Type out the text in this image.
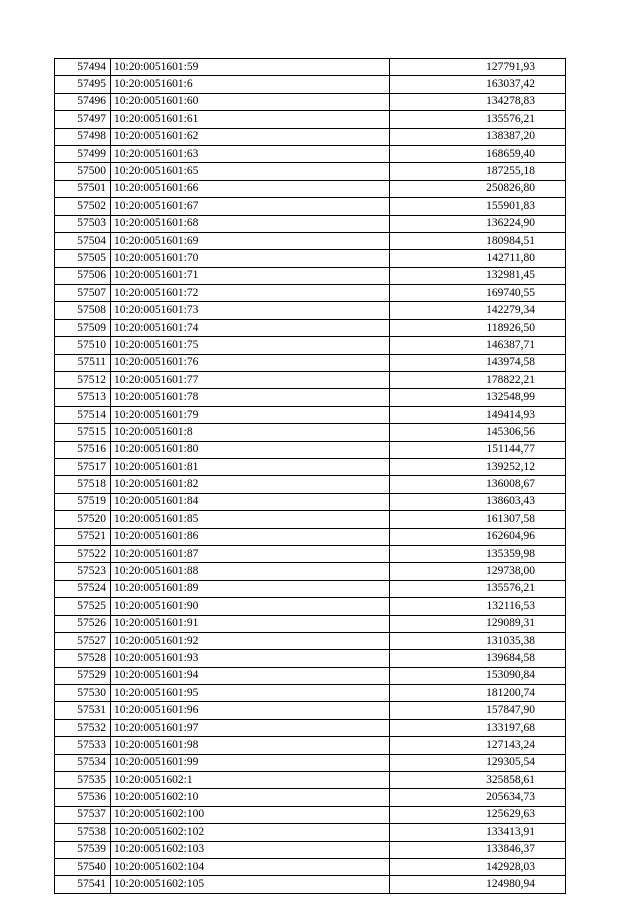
57494	10:20:0051601:59	127791,93
57495	10:20:0051601:6	163037,42
57496	10:20:0051601:60	134278,83
57497	10:20:0051601:61	135576,21
57498	10:20:0051601:62	138387,20
57499	10:20:0051601:63	168659,40
57500	10:20:0051601:65	187255,18
57501	10:20:0051601:66	250826,80
57502	10:20:0051601:67	155901,83
57503	10:20:0051601:68	136224,90
57504	10:20:0051601:69	180984,51
57505	10:20:0051601:70	142711,80
57506	10:20:0051601:71	132981,45
57507	10:20:0051601:72	169740,55
57508	10:20:0051601:73	142279,34
57509	10:20:0051601:74	118926,50
57510	10:20:0051601:75	146387,71
57511	10:20:0051601:76	143974,58
57512	10:20:0051601:77	178822,21
57513	10:20:0051601:78	132548,99
57514	10:20:0051601:79	149414,93
57515	10:20:0051601:8	145306,56
57516	10:20:0051601:80	151144,77
57517	10:20:0051601:81	139252,12
57518	10:20:0051601:82	136008,67
57519	10:20:0051601:84	138603,43
57520	10:20:0051601:85	161307,58
57521	10:20:0051601:86	162604,96
57522	10:20:0051601:87	135359,98
57523	10:20:0051601:88	129738,00
57524	10:20:0051601:89	135576,21
57525	10:20:0051601:90	132116,53
57526	10:20:0051601:91	129089,31
57527	10:20:0051601:92	131035,38
57528	10:20:0051601:93	139684,58
57529	10:20:0051601:94	153090,84
57530	10:20:0051601:95	181200,74
57531	10:20:0051601:96	157847,90
57532	10:20:0051601:97	133197,68
57533	10:20:0051601:98	127143,24
57534	10:20:0051601:99	129305,54
57535	10:20:0051602:1	325858,61
57536	10:20:0051602:10	205634,73
57537	10:20:0051602:100	125629,63
57538	10:20:0051602:102	133413,91
57539	10:20:0051602:103	133846,37
57540	10:20:0051602:104	142928,03
57541	10:20:0051602:105	124980,94
